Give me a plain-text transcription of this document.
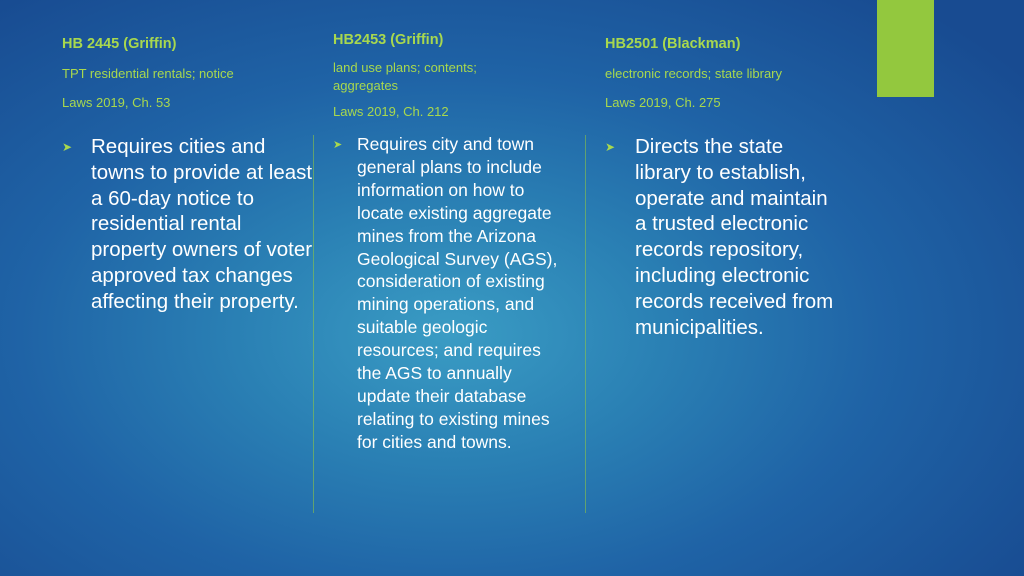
HB 2445 (Griffin)

TPT residential rentals; notice

Laws 2019, Ch. 53

➤ Requires cities and towns to provide at least a 60-day notice to residential rental property owners of voter approved tax changes affecting their property.

HB2453 (Griffin)

land use plans; contents; aggregates

Laws 2019, Ch. 212

➤ Requires city and town general plans to include information on how to locate existing aggregate mines from the Arizona Geological Survey (AGS), consideration of existing mining operations, and suitable geologic resources; and requires the AGS to annually update their database relating to existing mines for cities and towns.

HB2501 (Blackman)

electronic records; state library

Laws 2019, Ch. 275

➤ Directs the state library to establish, operate and maintain a trusted electronic records repository, including electronic records received from municipalities.
